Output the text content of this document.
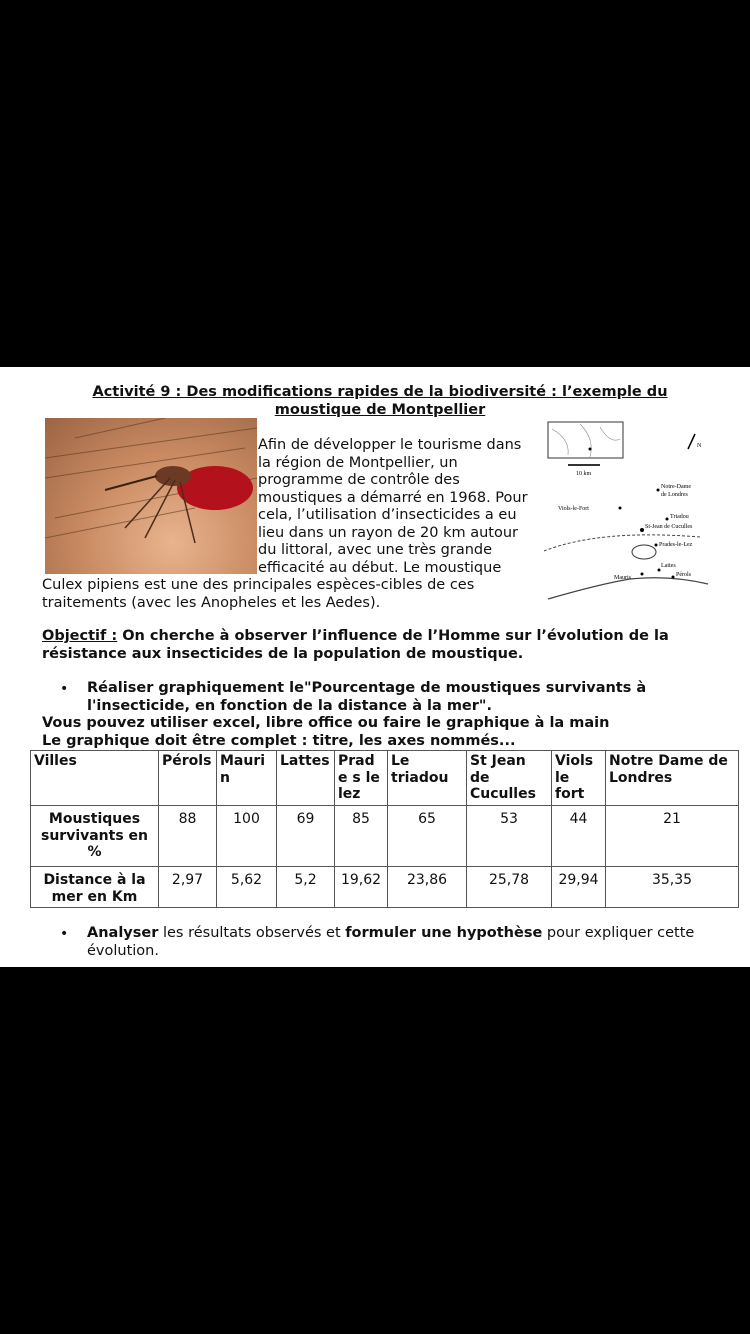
Activité 9 : Des modifications rapides de la biodiversité : l’exemple du
moustique de Montpellier
Afin de développer le tourisme dans
la région de Montpellier, un
programme de contrôle des
moustiques a démarré en 1968. Pour
cela, l’utilisation d’insecticides a eu
lieu dans un rayon de 20 km autour
du littoral, avec une très grande
efficacité au début. Le moustique
Culex pipiens est une des principales espèces-cibles de ces
traitements (avec les Anopheles et les Aedes).
10 km
N
Notre-Dame
de Londres
Viols-le-Fort
Triadou
St-Jean de Cuculles
Prades-le-Lez
Lattes
Mauris	Pérols
Objectif : On cherche à observer l’influence de l’Homme sur l’évolution de la
résistance aux insecticides de la population de moustique.
• Réaliser graphiquement le"Pourcentage de moustiques survivants à
l'insecticide, en fonction de la distance à la mer".
Vous pouvez utiliser excel, libre office ou faire le graphique à la main
Le graphique doit être complet : titre, les axes nommés...
Villes	Pérols	Mauri n	Lattes	Prade s le lez	Le triadou	St Jean de Cuculles	Viols le fort	Notre Dame de Londres
Moustiques survivants en %	88	100	69	85	65	53	44	21
Distance à la mer en Km	2,97	5,62	5,2	19,62	23,86	25,78	29,94	35,35
• Analyser les résultats observés et formuler une hypothèse pour expliquer cette
évolution.
